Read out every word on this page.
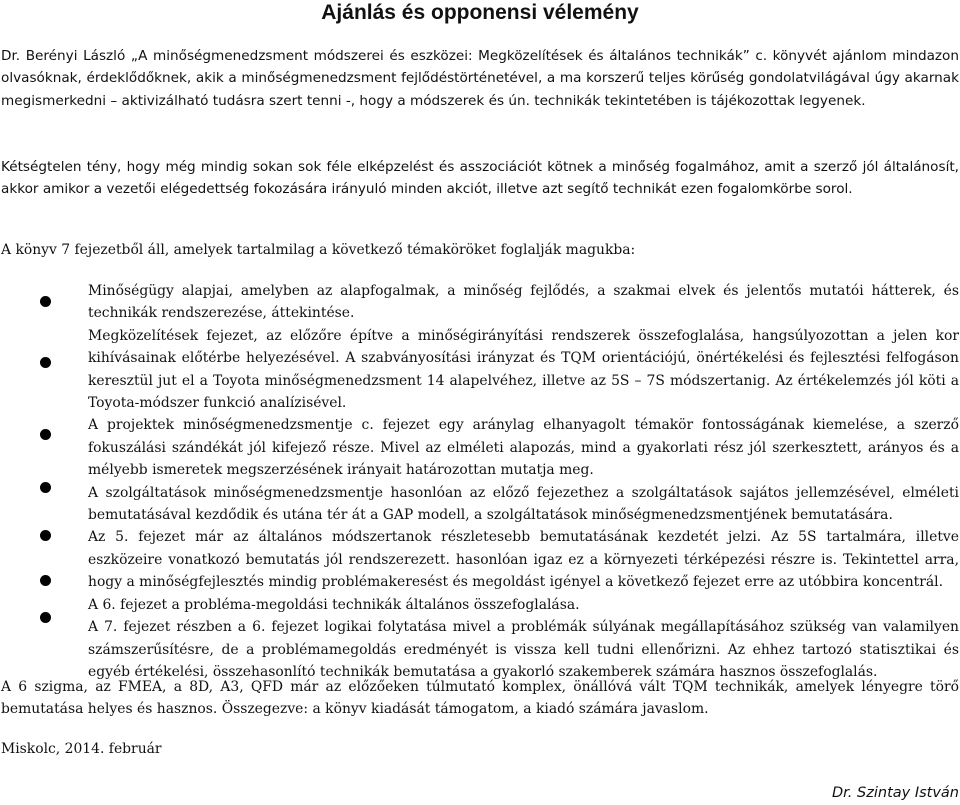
Ajánlás és opponensi vélemény

Dr. Berényi László „A minőségmenedzsment módszerei és eszközei: Megközelítések és általános technikák” c. könyvét ajánlom mindazon olvasóknak, érdeklődőknek, akik a minőségmenedzsment fejlődéstörténetével, a ma korszerű teljes körűség gondolatvilágával úgy akarnak megismerkedni – aktivizálható tudásra szert tenni -, hogy a módszerek és ún. technikák tekintetében is tájékozottak legyenek.

Kétségtelen tény, hogy még mindig sokan sok féle elképzelést és asszociációt kötnek a minőség fogalmához, amit a szerző jól általánosít, akkor amikor a vezetői elégedettség fokozására irányuló minden akciót, illetve azt segítő technikát ezen fogalomkörbe sorol.

A könyv 7 fejezetből áll, amelyek tartalmilag a következő témaköröket foglalják magukba:

Minőségügy alapjai, amelyben az alapfogalmak, a minőség fejlődés, a szakmai elvek és jelentős mutatói hátterek, és technikák rendszerezése, áttekintése.
Megközelítések fejezet, az előzőre építve a minőségirányítási rendszerek összefoglalása, hangsúlyozottan a jelen kor kihívásainak előtérbe helyezésével. A szabványosítási irányzat és TQM orientációjú, önértékelési és fejlesztési felfogáson keresztül jut el a Toyota minőségmenedzsment 14 alapelvéhez, illetve az 5S – 7S módszertanig. Az értékelemzés jól köti a Toyota-módszer funkció analízisével.
A projektek minőségmenedzsmentje c. fejezet egy aránylag elhanyagolt témakör fontosságának kiemelése, a szerző fokuszálási szándékát jól kifejező része. Mivel az elméleti alapozás, mind a gyakorlati rész jól szerkesztett, arányos és a mélyebb ismeretek megszerzésének irányait határozottan mutatja meg.
A szolgáltatások minőségmenedzsmentje hasonlóan az előző fejezethez a szolgáltatások sajátos jellemzésével, elméleti bemutatásával kezdődik és utána tér át a GAP modell, a szolgáltatások minőségmenedzsmentjének bemutatására.
Az 5. fejezet már az általános módszertanok részletesebb bemutatásának kezdetét jelzi. Az 5S tartalmára, illetve eszközeire vonatkozó bemutatás jól rendszerezett. hasonlóan igaz ez a környezeti térképezési részre is. Tekintettel arra, hogy a minőségfejlesztés mindig problémakeresést és megoldást igényel a következő fejezet erre az utóbbira koncentrál.
A 6. fejezet a probléma-megoldási technikák általános összefoglalása.
A 7. fejezet részben a 6. fejezet logikai folytatása mivel a problémák súlyának megállapításához szükség van valamilyen számszerűsítésre, de a problémamegoldás eredményét is vissza kell tudni ellenőrizni. Az ehhez tartozó statisztikai és egyéb értékelési, összehasonlító technikák bemutatása a gyakorló szakemberek számára hasznos összefoglalás.

A 6 szigma, az FMEA, a 8D, A3, QFD már az előzőeken túlmutató komplex, önállóvá vált TQM technikák, amelyek lényegre törő bemutatása helyes és hasznos. Összegezve: a könyv kiadását támogatom, a kiadó számára javaslom.

Miskolc, 2014. február
Dr. Szintay István
